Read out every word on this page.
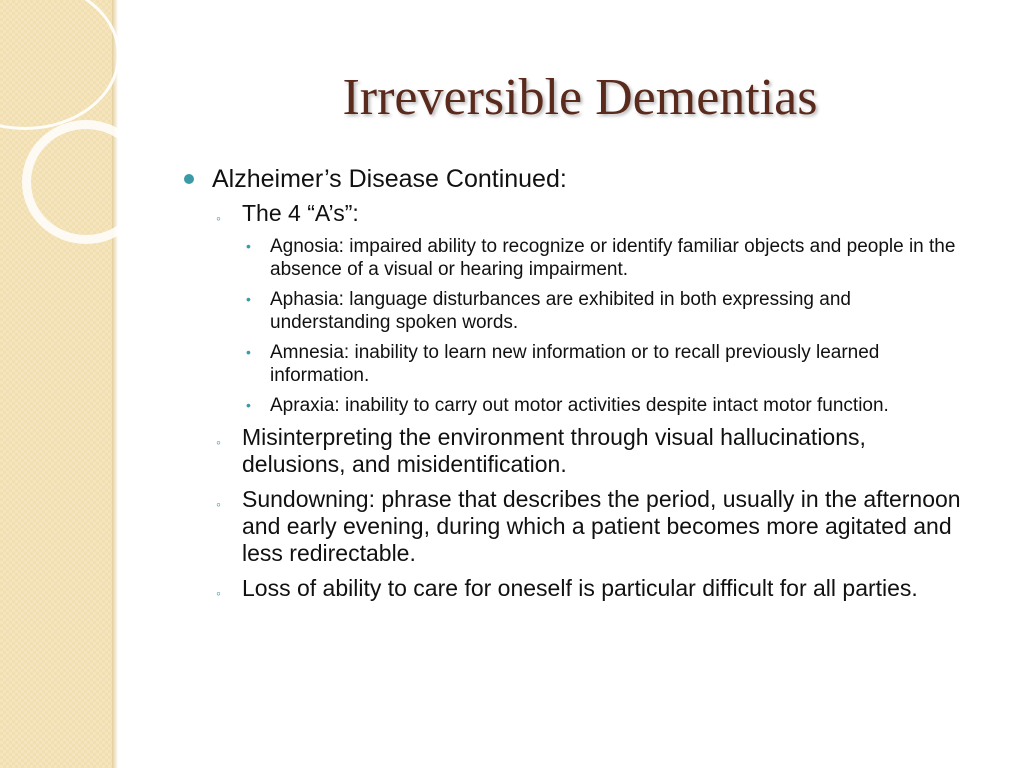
Irreversible Dementias
Alzheimer’s Disease Continued:
◦ The 4 “A’s”:
• Agnosia: impaired ability to recognize or identify familiar objects and people in the absence of a visual or hearing impairment.
• Aphasia: language disturbances are exhibited in both expressing and understanding spoken words.
• Amnesia: inability to learn new information or to recall previously learned information.
• Apraxia: inability to carry out motor activities despite intact motor function.
◦ Misinterpreting the environment through visual hallucinations, delusions, and misidentification.
◦ Sundowning: phrase that describes the period, usually in the afternoon and early evening, during which a patient becomes more agitated and less redirectable.
◦ Loss of ability to care for oneself is particular difficult for all parties.
